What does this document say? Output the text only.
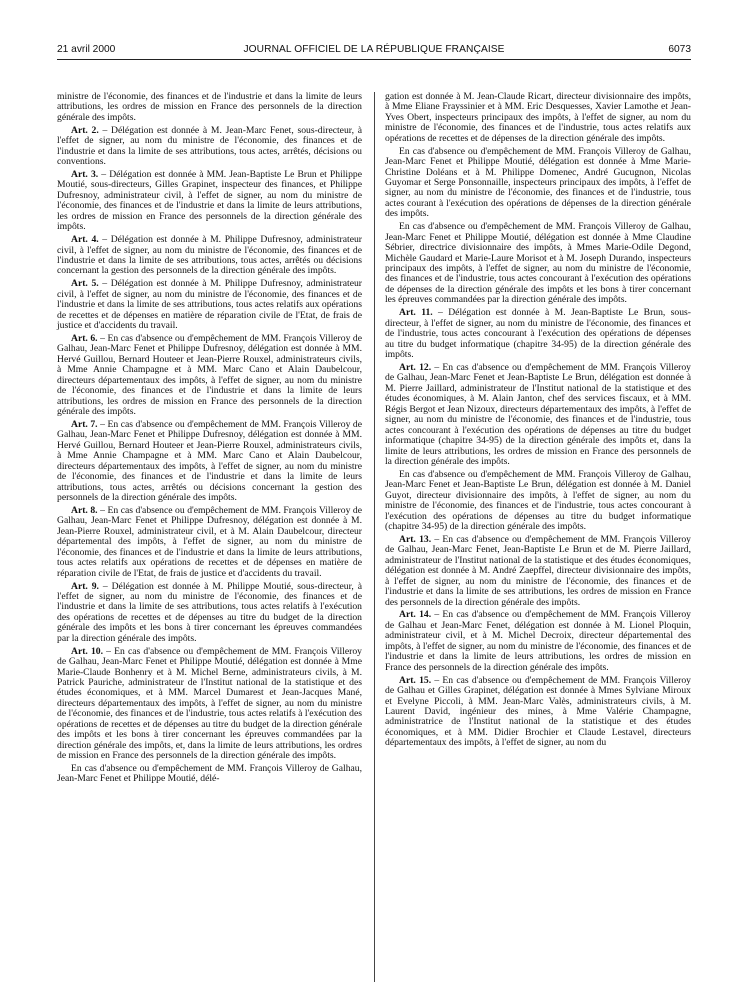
21 avril 2000	JOURNAL OFFICIEL DE LA RÉPUBLIQUE FRANÇAISE	6073

ministre de l'économie, des finances et de l'industrie et dans la limite de leurs attributions, les ordres de mission en France des personnels de la direction générale des impôts.

Art. 2. – Délégation est donnée à M. Jean-Marc Fenet, sous-directeur, à l'effet de signer, au nom du ministre de l'économie, des finances et de l'industrie et dans la limite de ses attributions, tous actes, arrêtés, décisions ou conventions.

Art. 3. – Délégation est donnée à MM. Jean-Baptiste Le Brun et Philippe Moutié, sous-directeurs, Gilles Grapinet, inspecteur des finances, et Philippe Dufresnoy, administrateur civil, à l'effet de signer, au nom du ministre de l'économie, des finances et de l'industrie et dans la limite de leurs attributions, les ordres de mission en France des personnels de la direction générale des impôts.

Art. 4. – Délégation est donnée à M. Philippe Dufresnoy, administrateur civil, à l'effet de signer, au nom du ministre de l'économie, des finances et de l'industrie et dans la limite de ses attributions, tous actes, arrêtés ou décisions concernant la gestion des personnels de la direction générale des impôts.

Art. 5. – Délégation est donnée à M. Philippe Dufresnoy, administrateur civil, à l'effet de signer, au nom du ministre de l'économie, des finances et de l'industrie et dans la limite de ses attributions, tous actes relatifs aux opérations de recettes et de dépenses en matière de réparation civile de l'Etat, de frais de justice et d'accidents du travail.

Art. 6. – En cas d'absence ou d'empêchement de MM. François Villeroy de Galhau, Jean-Marc Fenet et Philippe Dufresnoy, délégation est donnée à MM. Hervé Guillou, Bernard Houteer et Jean-Pierre Rouxel, administrateurs civils, à Mme Annie Champagne et à MM. Marc Cano et Alain Daubelcour, directeurs départementaux des impôts, à l'effet de signer, au nom du ministre de l'économie, des finances et de l'industrie et dans la limite de leurs attributions, les ordres de mission en France des personnels de la direction générale des impôts.

Art. 7. – En cas d'absence ou d'empêchement de MM. François Villeroy de Galhau, Jean-Marc Fenet et Philippe Dufresnoy, délégation est donnée à MM. Hervé Guillou, Bernard Houteer et Jean-Pierre Rouxel, administrateurs civils, à Mme Annie Champagne et à MM. Marc Cano et Alain Daubelcour, directeurs départementaux des impôts, à l'effet de signer, au nom du ministre de l'économie, des finances et de l'industrie et dans la limite de leurs attributions, tous actes, arrêtés ou décisions concernant la gestion des personnels de la direction générale des impôts.

Art. 8. – En cas d'absence ou d'empêchement de MM. François Villeroy de Galhau, Jean-Marc Fenet et Philippe Dufresnoy, délégation est donnée à M. Jean-Pierre Rouxel, administrateur civil, et à M. Alain Daubelcour, directeur départemental des impôts, à l'effet de signer, au nom du ministre de l'économie, des finances et de l'industrie et dans la limite de leurs attributions, tous actes relatifs aux opérations de recettes et de dépenses en matière de réparation civile de l'Etat, de frais de justice et d'accidents du travail.

Art. 9. – Délégation est donnée à M. Philippe Moutié, sous-directeur, à l'effet de signer, au nom du ministre de l'économie, des finances et de l'industrie et dans la limite de ses attributions, tous actes relatifs à l'exécution des opérations de recettes et de dépenses au titre du budget de la direction générale des impôts et les bons à tirer concernant les épreuves commandées par la direction générale des impôts.

Art. 10. – En cas d'absence ou d'empêchement de MM. François Villeroy de Galhau, Jean-Marc Fenet et Philippe Moutié, délégation est donnée à Mme Marie-Claude Bonhenry et à M. Michel Berne, administrateurs civils, à M. Patrick Pauriche, administrateur de l'Institut national de la statistique et des études économiques, et à MM. Marcel Dumarest et Jean-Jacques Mané, directeurs départementaux des impôts, à l'effet de signer, au nom du ministre de l'économie, des finances et de l'industrie, tous actes relatifs à l'exécution des opérations de recettes et de dépenses au titre du budget de la direction générale des impôts et les bons à tirer concernant les épreuves commandées par la direction générale des impôts, et, dans la limite de leurs attributions, les ordres de mission en France des personnels de la direction générale des impôts.

En cas d'absence ou d'empêchement de MM. François Villeroy de Galhau, Jean-Marc Fenet et Philippe Moutié, délé-

gation est donnée à M. Jean-Claude Ricart, directeur divisionnaire des impôts, à Mme Eliane Frayssinier et à MM. Eric Desquesses, Xavier Lamothe et Jean-Yves Obert, inspecteurs principaux des impôts, à l'effet de signer, au nom du ministre de l'économie, des finances et de l'industrie, tous actes relatifs aux opérations de recettes et de dépenses de la direction générale des impôts.

En cas d'absence ou d'empêchement de MM. François Villeroy de Galhau, Jean-Marc Fenet et Philippe Moutié, délégation est donnée à Mme Marie-Christine Doléans et à M. Philippe Domenec, André Gucugnon, Nicolas Guyomar et Serge Ponsonnaille, inspecteurs principaux des impôts, à l'effet de signer, au nom du ministre de l'économie, des finances et de l'industrie, tous actes courant à l'exécution des opérations de dépenses de la direction générale des impôts.

En cas d'absence ou d'empêchement de MM. François Villeroy de Galhau, Jean-Marc Fenet et Philippe Moutié, délégation est donnée à Mme Claudine Sébrier, directrice divisionnaire des impôts, à Mmes Marie-Odile Degond, Michèle Gaudard et Marie-Laure Morisot et à M. Joseph Durando, inspecteurs principaux des impôts, à l'effet de signer, au nom du ministre de l'économie, des finances et de l'industrie, tous actes concourant à l'exécution des opérations de dépenses de la direction générale des impôts et les bons à tirer concernant les épreuves commandées par la direction générale des impôts.

Art. 11. – Délégation est donnée à M. Jean-Baptiste Le Brun, sous-directeur, à l'effet de signer, au nom du ministre de l'économie, des finances et de l'industrie, tous actes concourant à l'exécution des opérations de dépenses au titre du budget informatique (chapitre 34-95) de la direction générale des impôts.

Art. 12. – En cas d'absence ou d'empêchement de MM. François Villeroy de Galhau, Jean-Marc Fenet et Jean-Baptiste Le Brun, délégation est donnée à M. Pierre Jaillard, administrateur de l'Institut national de la statistique et des études économiques, à M. Alain Janton, chef des services fiscaux, et à MM. Régis Bergot et Jean Nizoux, directeurs départementaux des impôts, à l'effet de signer, au nom du ministre de l'économie, des finances et de l'industrie, tous actes concourant à l'exécution des opérations de dépenses au titre du budget informatique (chapitre 34-95) de la direction générale des impôts et, dans la limite de leurs attributions, les ordres de mission en France des personnels de la direction générale des impôts.

En cas d'absence ou d'empêchement de MM. François Villeroy de Galhau, Jean-Marc Fenet et Jean-Baptiste Le Brun, délégation est donnée à M. Daniel Guyot, directeur divisionnaire des impôts, à l'effet de signer, au nom du ministre de l'économie, des finances et de l'industrie, tous actes concourant à l'exécution des opérations de dépenses au titre du budget informatique (chapitre 34-95) de la direction générale des impôts.

Art. 13. – En cas d'absence ou d'empêchement de MM. François Villeroy de Galhau, Jean-Marc Fenet, Jean-Baptiste Le Brun et de M. Pierre Jaillard, administrateur de l'Institut national de la statistique et des études économiques, délégation est donnée à M. André Zaepffel, directeur divisionnaire des impôts, à l'effet de signer, au nom du ministre de l'économie, des finances et de l'industrie et dans la limite de ses attributions, les ordres de mission en France des personnels de la direction générale des impôts.

Art. 14. – En cas d'absence ou d'empêchement de MM. François Villeroy de Galhau et Jean-Marc Fenet, délégation est donnée à M. Lionel Ploquin, administrateur civil, et à M. Michel Decroix, directeur départemental des impôts, à l'effet de signer, au nom du ministre de l'économie, des finances et de l'industrie et dans la limite de leurs attributions, les ordres de mission en France des personnels de la direction générale des impôts.

Art. 15. – En cas d'absence ou d'empêchement de MM. François Villeroy de Galhau et Gilles Grapinet, délégation est donnée à Mmes Sylviane Miroux et Evelyne Piccoli, à MM. Jean-Marc Valès, administrateurs civils, à M. Laurent David, ingénieur des mines, à Mme Valérie Champagne, administratrice de l'Institut national de la statistique et des études économiques, et à MM. Didier Brochier et Claude Lestavel, directeurs départementaux des impôts, à l'effet de signer, au nom du
